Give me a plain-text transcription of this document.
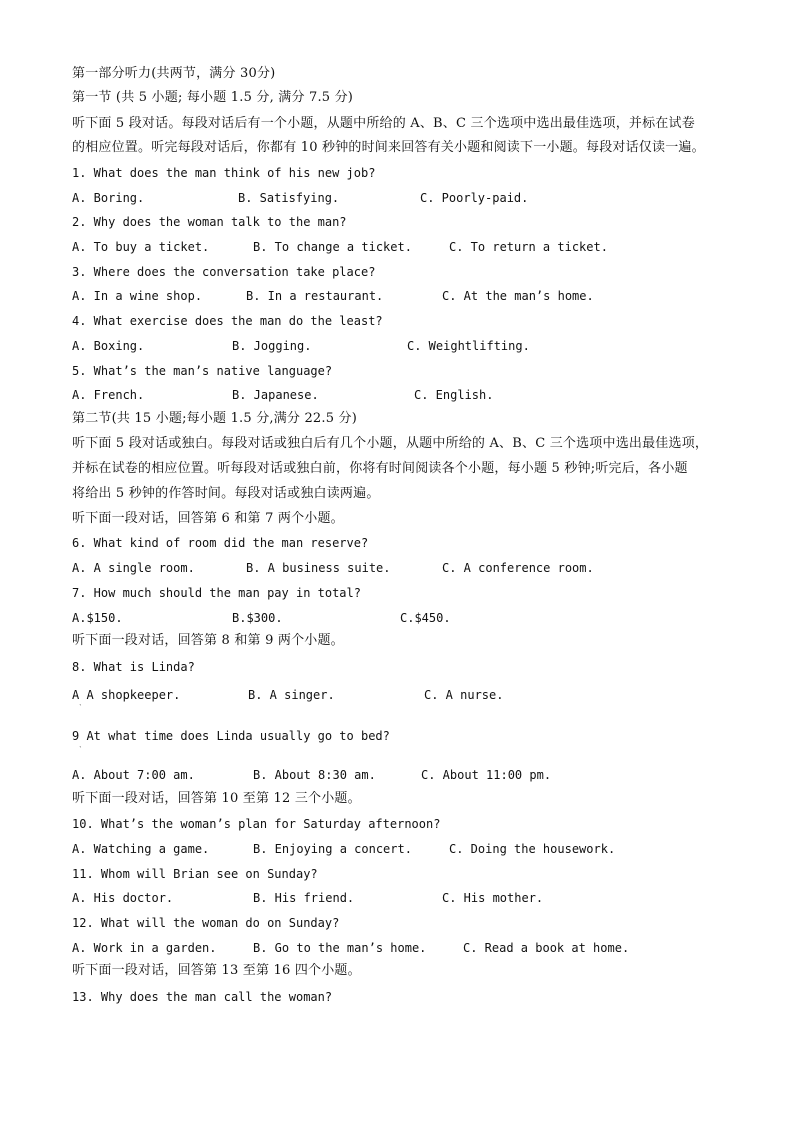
第一部分听力(共两节，满分 30分)
第一节 (共 5 小题; 每小题 1.5 分, 满分 7.5 分)
听下面 5 段对话。每段对话后有一个小题，从题中所给的 A、B、C 三个选项中选出最佳选项，并标在试卷
的相应位置。听完每段对话后，你都有 10 秒钟的时间来回答有关小题和阅读下一小题。每段对话仅读一遍。
1. What does the man think of his new job?
A. Boring.	B. Satisfying.	C. Poorly-paid.
2. Why does the woman talk to the man?
A. To buy a ticket.	B. To change a ticket.	C. To return a ticket.
3. Where does the conversation take place?
A. In a wine shop.	B. In a restaurant.	C. At the man’s home.
4. What exercise does the man do the least?
A. Boxing.	B. Jogging.	C. Weightlifting.
5. What’s the man’s native language?
A. French.	B. Japanese.	C. English.
第二节(共 15 小题;每小题 1.5 分,满分 22.5 分)
听下面 5 段对话或独白。每段对话或独白后有几个小题，从题中所给的 A、B、C 三个选项中选出最佳选项，
并标在试卷的相应位置。听每段对话或独白前，你将有时间阅读各个小题，每小题 5 秒钟;听完后，各小题
将给出 5 秒钟的作答时间。每段对话或独白读两遍。
听下面一段对话，回答第 6 和第 7 两个小题。
6. What kind of room did the man reserve?
A. A single room.	B. A business suite.	C. A conference room.
7. How much should the man pay in total?
A.$150.	B.$300.	C.$450.
听下面一段对话，回答第 8 和第 9 两个小题。
8. What is Linda?
A A shopkeeper.	B. A singer.	C. A nurse.
ˋ
9 At what time does Linda usually go to bed?
ˋ
A. About 7:00 am.	B. About 8:30 am.	C. About 11:00 pm.
听下面一段对话，回答第 10 至第 12 三个小题。
10. What’s the woman’s plan for Saturday afternoon?
A. Watching a game.	B. Enjoying a concert.	C. Doing the housework.
11. Whom will Brian see on Sunday?
A. His doctor.	B. His friend.	C. His mother.
12. What will the woman do on Sunday?
A. Work in a garden.	B. Go to the man’s home.	C. Read a book at home.
听下面一段对话，回答第 13 至第 16 四个小题。
13. Why does the man call the woman?
